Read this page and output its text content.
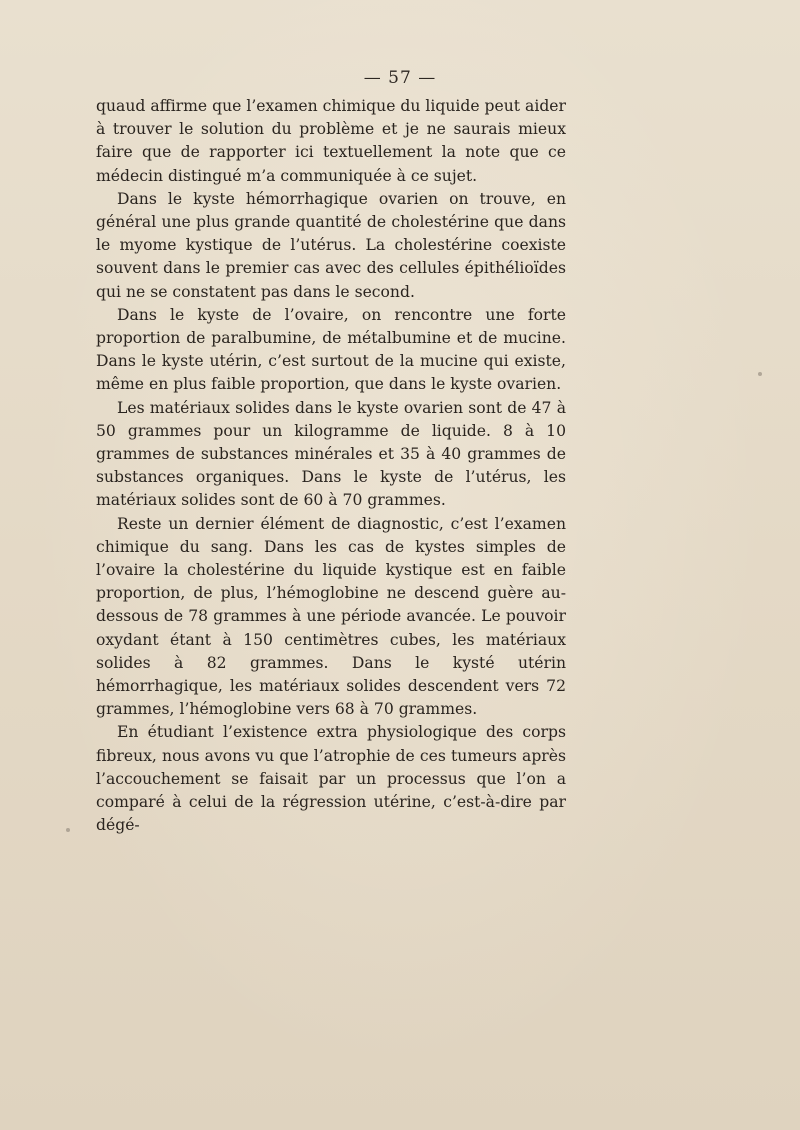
— 57 —

quaud affirme que l’examen chimique du liquide peut aider à trouver le solution du problème et je ne saurais mieux faire que de rapporter ici textuellement la note que ce médecin distingué m’a communiquée à ce sujet.

Dans le kyste hémorrhagique ovarien on trouve, en général une plus grande quantité de cholestérine que dans le myome kystique de l’utérus. La cholestérine coexiste souvent dans le premier cas avec des cellules épithélioïdes qui ne se constatent pas dans le second.

Dans le kyste de l’ovaire, on rencontre une forte proportion de paralbumine, de métalbumine et de mucine. Dans le kyste utérin, c’est surtout de la mucine qui existe, même en plus faible proportion, que dans le kyste ovarien.

Les matériaux solides dans le kyste ovarien sont de 47 à 50 grammes pour un kilogramme de liquide. 8 à 10 grammes de substances minérales et 35 à 40 grammes de substances organiques. Dans le kyste de l’utérus, les matériaux solides sont de 60 à 70 grammes.

Reste un dernier élément de diagnostic, c’est l’examen chimique du sang. Dans les cas de kystes simples de l’ovaire la cholestérine du liquide kystique est en faible proportion, de plus, l’hémoglobine ne descend guère au-dessous de 78 grammes à une période avancée. Le pouvoir oxydant étant à 150 centimètres cubes, les matériaux solides à 82 grammes. Dans le kysté utérin hémorrhagique, les matériaux solides descendent vers 72 grammes, l’hémoglobine vers 68 à 70 grammes.

En étudiant l’existence extra physiologique des corps fibreux, nous avons vu que l’atrophie de ces tumeurs après l’accouchement se faisait par un processus que l’on a comparé à celui de la régression utérine, c’est-à-dire par dégé-
